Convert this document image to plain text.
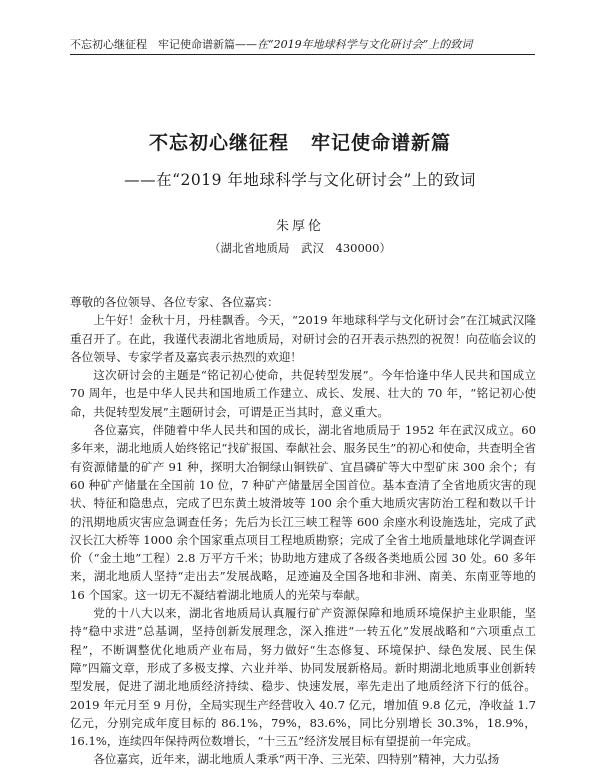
不忘初心继征程　牢记使命谱新篇——在“2019年地球科学与文化研讨会”上的致词
不忘初心继征程 牢记使命谱新篇
——在“2019 年地球科学与文化研讨会”上的致词
朱厚伦
（湖北省地质局　武汉　430000）

尊敬的各位领导、各位专家、各位嘉宾：

上午好！金秋十月，丹桂飘香。今天，“2019 年地球科学与文化研讨会”在江城武汉隆重召开了。在此，我谨代表湖北省地质局，对研讨会的召开表示热烈的祝贺！向莅临会议的各位领导、专家学者及嘉宾表示热烈的欢迎！

这次研讨会的主题是“铭记初心使命，共促转型发展”。今年恰逢中华人民共和国成立 70 周年，也是中华人民共和国地质工作建立、成长、发展、壮大的 70 年，“铭记初心使命，共促转型发展”主题研讨会，可谓是正当其时，意义重大。

各位嘉宾，伴随着中华人民共和国的成长，湖北省地质局于 1952 年在武汉成立。60 多年来，湖北地质人始终铭记“找矿报国、奉献社会、服务民生”的初心和使命，共查明全省有资源储量的矿产 91 种，探明大冶铜绿山铜铁矿、宜昌磷矿等大中型矿床 300 余个；有 60 种矿产储量在全国前 10 位，7 种矿产储量居全国首位。基本查清了全省地质灾害的现状、特征和隐患点，完成了巴东黄土坡滑坡等 100 余个重大地质灾害防治工程和数以千计的汛期地质灾害应急调查任务；先后为长江三峡工程等 600 余座水利设施选址，完成了武汉长江大桥等 1000 余个国家重点项目工程地质勘察；完成了全省土地质量地球化学调查评价（“金土地”工程）2.8 万平方千米；协助地方建成了各级各类地质公园 30 处。60 多年来，湖北地质人坚持“走出去”发展战略，足迹遍及全国各地和非洲、南美、东南亚等地的 16 个国家。这一切无不凝结着湖北地质人的光荣与奉献。

党的十八大以来，湖北省地质局认真履行矿产资源保障和地质环境保护主业职能，坚持“稳中求进”总基调，坚持创新发展理念，深入推进“一转五化”发展战略和“六项重点工程”，不断调整优化地质产业布局，努力做好“生态修复、环境保护、绿色发展、民生保障”四篇文章，形成了多极支撑、六业并举、协同发展新格局。新时期湖北地质事业创新转型发展，促进了湖北地质经济持续、稳步、快速发展，率先走出了地质经济下行的低谷。2019 年元月至 9 月份，全局实现生产经营收入 40.7 亿元，增加值 9.8 亿元，净收益 1.7 亿元，分别完成年度目标的 86.1%，79%，83.6%，同比分别增长 30.3%，18.9%，16.1%，连续四年保持两位数增长，“十三五”经济发展目标有望提前一年完成。

各位嘉宾，近年来，湖北地质人秉承“两干净、三光荣、四特别”精神，大力弘扬
